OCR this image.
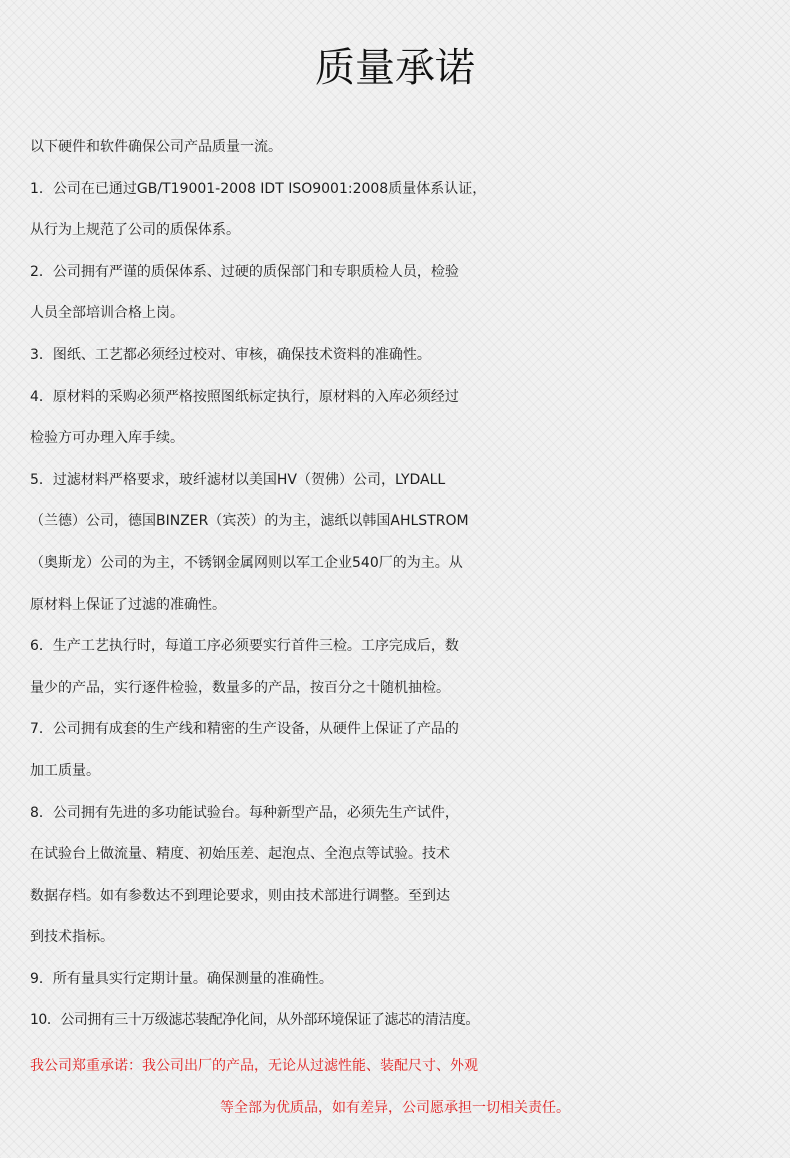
质量承诺
以下硬件和软件确保公司产品质量一流。
1．公司在已通过GB/T19001-2008 IDT ISO9001:2008质量体系认证，
从行为上规范了公司的质保体系。
2．公司拥有严谨的质保体系、过硬的质保部门和专职质检人员，检验
人员全部培训合格上岗。
3．图纸、工艺都必须经过校对、审核，确保技术资料的准确性。
4．原材料的采购必须严格按照图纸标定执行，原材料的入库必须经过
检验方可办理入库手续。
5．过滤材料严格要求，玻纤滤材以美国HV（贺佛）公司，LYDALL
（兰德）公司，德国BINZER（宾茨）的为主，滤纸以韩国AHLSTROM
（奥斯龙）公司的为主，不锈钢金属网则以军工企业540厂的为主。从
原材料上保证了过滤的准确性。
6．生产工艺执行时，每道工序必须要实行首件三检。工序完成后，数
量少的产品，实行逐件检验，数量多的产品，按百分之十随机抽检。
7．公司拥有成套的生产线和精密的生产设备，从硬件上保证了产品的
加工质量。
8．公司拥有先进的多功能试验台。每种新型产品，必须先生产试件，
在试验台上做流量、精度、初始压差、起泡点、全泡点等试验。技术
数据存档。如有参数达不到理论要求，则由技术部进行调整。至到达
到技术指标。
9．所有量具实行定期计量。确保测量的准确性。
10．公司拥有三十万级滤芯装配净化间，从外部环境保证了滤芯的清洁度。
我公司郑重承诺：我公司出厂的产品，无论从过滤性能、装配尺寸、外观
等全部为优质品，如有差异，公司愿承担一切相关责任。
